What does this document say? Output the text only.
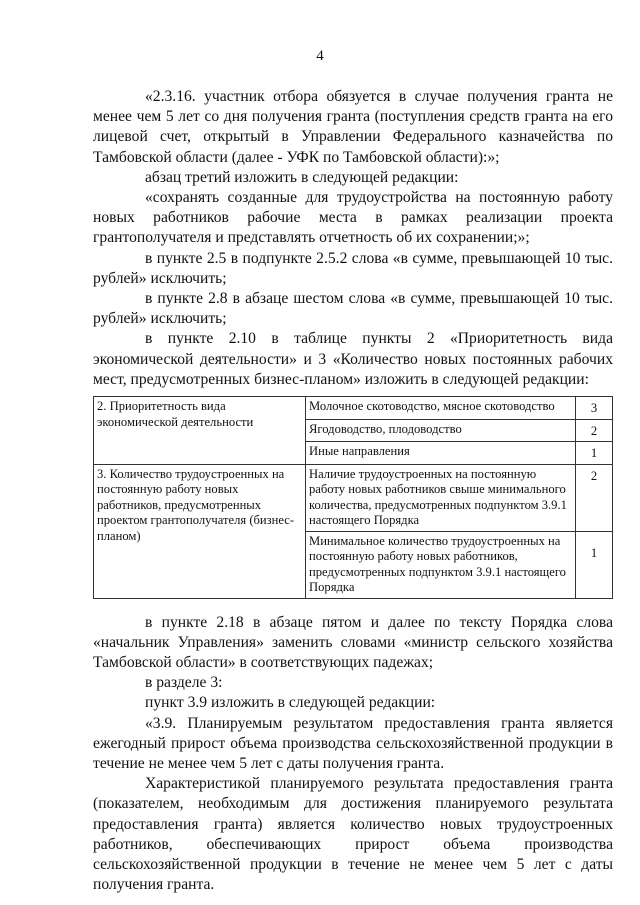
4

«2.3.16. участник отбора обязуется в случае получения гранта не менее чем 5 лет со дня получения гранта (поступления средств гранта на его лицевой счет, открытый в Управлении Федерального казначейства по Тамбовской области (далее - УФК по Тамбовской области):»;

абзац третий изложить в следующей редакции:

«сохранять созданные для трудоустройства на постоянную работу новых работников рабочие места в рамках реализации проекта грантополучателя и представлять отчетность об их сохранении;»;

в пункте 2.5 в подпункте 2.5.2 слова «в сумме, превышающей 10 тыс. рублей» исключить;

в пункте 2.8 в абзаце шестом слова «в сумме, превышающей 10 тыс. рублей» исключить;

в пункте 2.10 в таблице пункты 2 «Приоритетность вида экономической деятельности» и 3 «Количество новых постоянных рабочих мест, предусмотренных бизнес-планом» изложить в следующей редакции:

2. Приоритетность вида экономической деятельности	Молочное скотоводство, мясное скотоводство	3
	Ягодоводство, плодоводство	2
	Иные направления	1
3. Количество трудоустроенных на постоянную работу новых работников, предусмотренных проектом грантополучателя (бизнес-планом)	Наличие трудоустроенных на постоянную работу новых работников свыше минимального количества, предусмотренных подпунктом 3.9.1 настоящего Порядка	2
	Минимальное количество трудоустроенных на постоянную работу новых работников, предусмотренных подпунктом 3.9.1 настоящего Порядка	1

в пункте 2.18 в абзаце пятом и далее по тексту Порядка слова «начальник Управления» заменить словами «министр сельского хозяйства Тамбовской области» в соответствующих падежах;

в разделе 3:

пункт 3.9 изложить в следующей редакции:

«3.9. Планируемым результатом предоставления гранта является ежегодный прирост объема производства сельскохозяйственной продукции в течение не менее чем 5 лет с даты получения гранта.

Характеристикой планируемого результата предоставления гранта (показателем, необходимым для достижения планируемого результата предоставления гранта) является количество новых трудоустроенных работников, обеспечивающих прирост объема производства сельскохозяйственной продукции в течение не менее чем 5 лет с даты получения гранта.
